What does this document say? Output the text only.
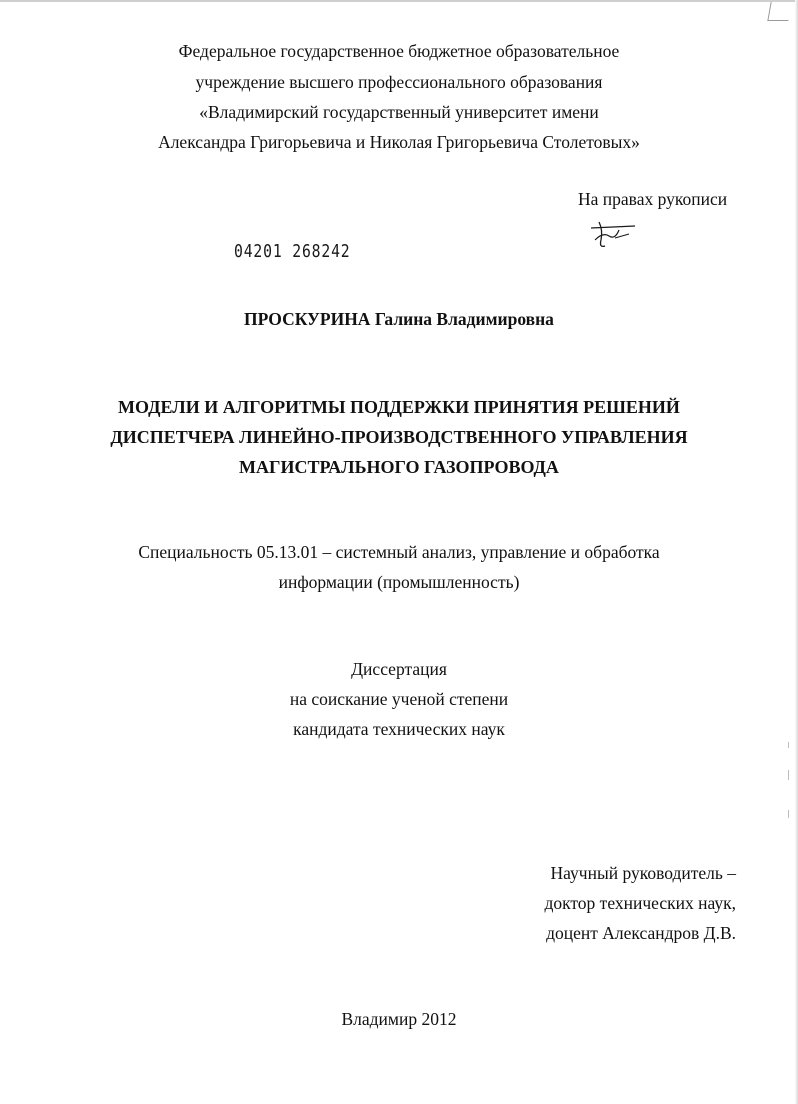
Федеральное государственное бюджетное образовательное
учреждение высшего профессионального образования
«Владимирский государственный университет имени
Александра Григорьевича и Николая Григорьевича Столетовых»
На правах рукописи
04201 268242
ПРОСКУРИНА Галина Владимировна
МОДЕЛИ И АЛГОРИТМЫ ПОДДЕРЖКИ ПРИНЯТИЯ РЕШЕНИЙ
ДИСПЕТЧЕРА ЛИНЕЙНО-ПРОИЗВОДСТВЕННОГО УПРАВЛЕНИЯ
МАГИСТРАЛЬНОГО ГАЗОПРОВОДА
Специальность 05.13.01 – системный анализ, управление и обработка
информации (промышленность)
Диссертация
на соискание ученой степени
кандидата технических наук
Научный руководитель –
доктор технических наук,
доцент Александров Д.В.
Владимир 2012
